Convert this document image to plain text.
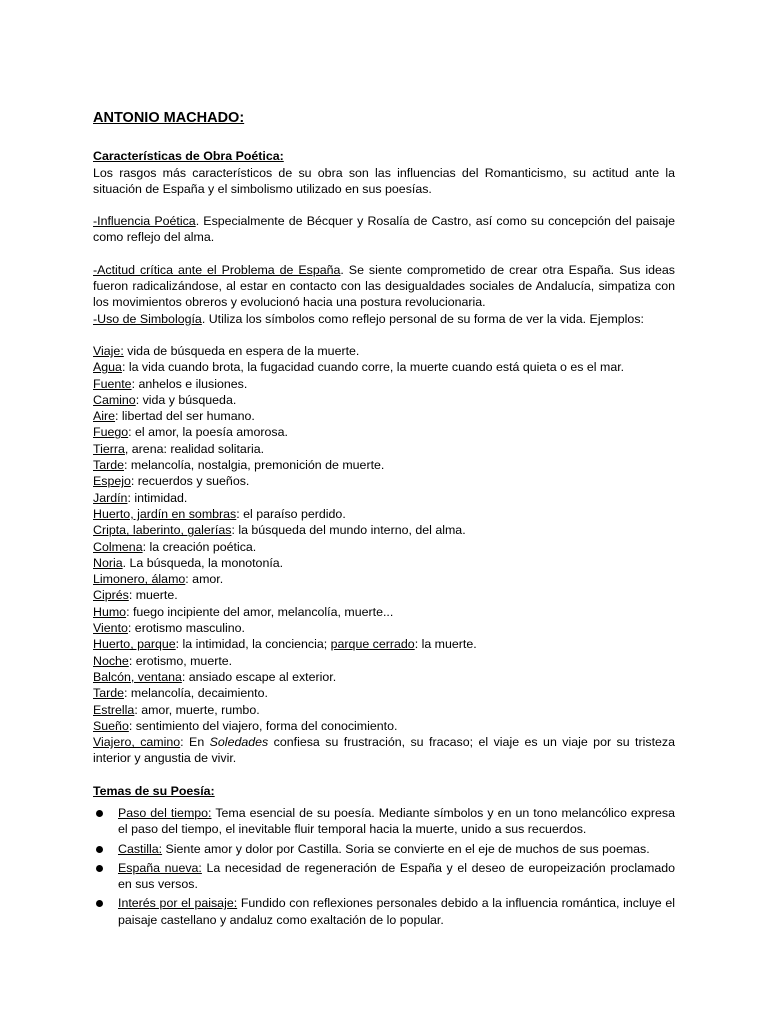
ANTONIO MACHADO:
Características de Obra Poética:

Los rasgos más característicos de su obra son las influencias del Romanticismo, su actitud ante la situación de España y el simbolismo utilizado en sus poesías.

-Influencia Poética. Especialmente de Bécquer y Rosalía de Castro, así como su concepción del paisaje como reflejo del alma.

-Actitud crítica ante el Problema de España. Se siente comprometido de crear otra España. Sus ideas fueron radicalizándose, al estar en contacto con las desigualdades sociales de Andalucía, simpatiza con los movimientos obreros y evolucionó hacia una postura revolucionaria.

-Uso de Simbología. Utiliza los símbolos como reflejo personal de su forma de ver la vida. Ejemplos:

Viaje: vida de búsqueda en espera de la muerte.
Agua: la vida cuando brota, la fugacidad cuando corre, la muerte cuando está quieta o es el mar.
Fuente: anhelos e ilusiones.
Camino: vida y búsqueda.
Aire: libertad del ser humano.
Fuego: el amor, la poesía amorosa.
Tierra, arena: realidad solitaria.
Tarde: melancolía, nostalgia, premonición de muerte.
Espejo: recuerdos y sueños.
Jardín: intimidad.
Huerto, jardín en sombras: el paraíso perdido.
Cripta, laberinto, galerías: la búsqueda del mundo interno, del alma.
Colmena: la creación poética.
Noria. La búsqueda, la monotonía.
Limonero, álamo: amor.
Ciprés: muerte.
Humo: fuego incipiente del amor, melancolía, muerte...
Viento: erotismo masculino.
Huerto, parque: la intimidad, la conciencia; parque cerrado: la muerte.
Noche: erotismo, muerte.
Balcón, ventana: ansiado escape al exterior.
Tarde: melancolía, decaimiento.
Estrella: amor, muerte, rumbo.
Sueño: sentimiento del viajero, forma del conocimiento.
Viajero, camino: En Soledades confiesa su frustración, su fracaso; el viaje es un viaje por su tristeza interior y angustia de vivir.
Temas de su Poesía:
Paso del tiempo: Tema esencial de su poesía. Mediante símbolos y en un tono melancólico expresa el paso del tiempo, el inevitable fluir temporal hacia la muerte, unido a sus recuerdos.
Castilla: Siente amor y dolor por Castilla. Soria se convierte en el eje de muchos de sus poemas.
España nueva: La necesidad de regeneración de España y el deseo de europeización proclamado en sus versos.
Interés por el paisaje: Fundido con reflexiones personales debido a la influencia romántica, incluye el paisaje castellano y andaluz como exaltación de lo popular.
